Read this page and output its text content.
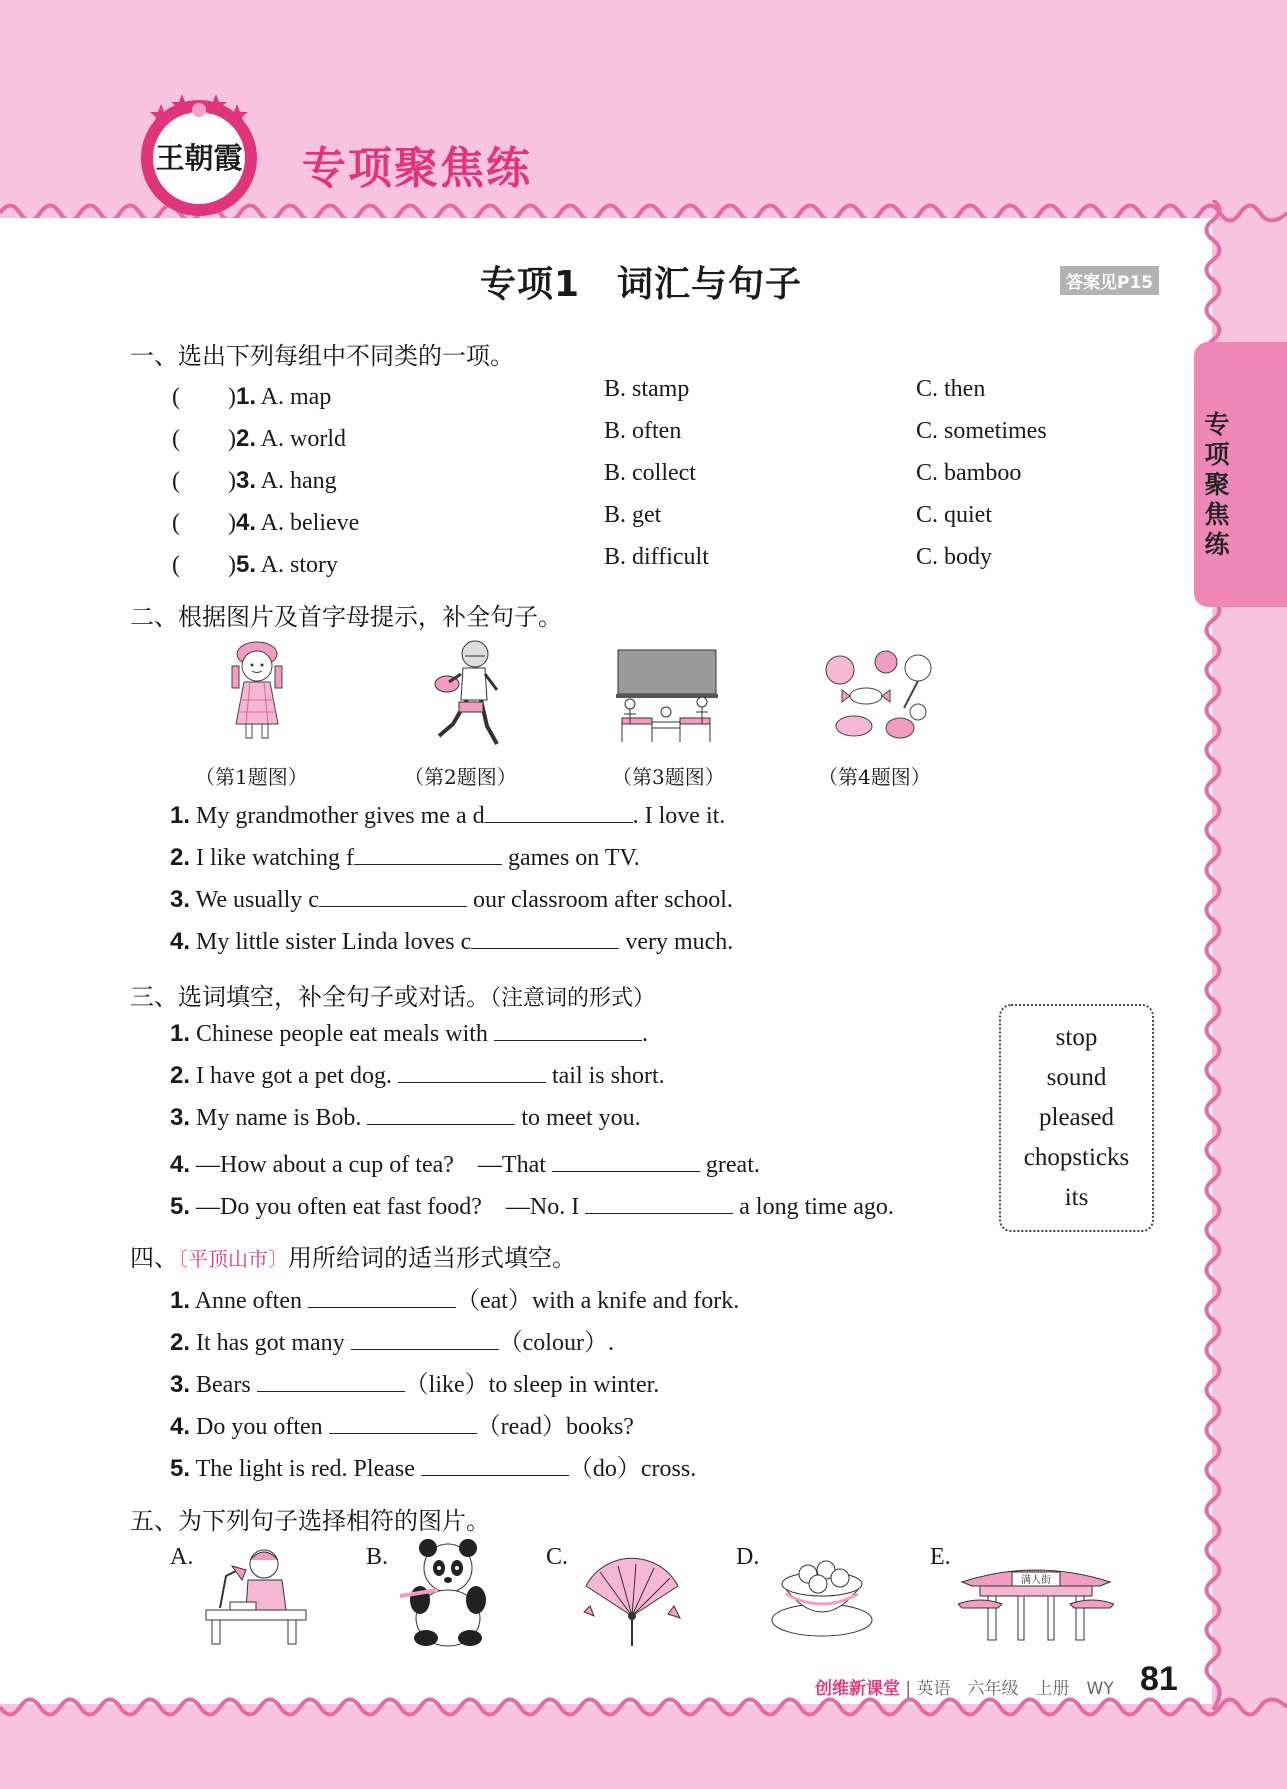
王朝霞 专项聚焦练
专
项
聚
焦
练
专项1　词汇与句子	答案见P15
一、选出下列每组中不同类的一项。
(　　)1. A. map	B. stamp	C. then
(　　)2. A. world	B. often	C. sometimes
(　　)3. A. hang	B. collect	C. bamboo
(　　)4. A. believe	B. get	C. quiet
(　　)5. A. story	B. difficult	C. body
二、根据图片及首字母提示，补全句子。
（第1题图）	（第2题图）	（第3题图）	（第4题图）
1. My grandmother gives me a d	. I love it.
2. I like watching f	games on TV.
3. We usually c	our classroom after school.
4. My little sister Linda loves c	very much.
三、选词填空，补全句子或对话。（注意词的形式）
1. Chinese people eat meals with	.
2. I have got a pet dog.	tail is short.
3. My name is Bob.	to meet you.
4. —How about a cup of tea?　—That	great.
5. —Do you often eat fast food?　—No. I	a long time ago.
stop
sound
pleased
chopsticks
its
四、〔平顶山市〕用所给词的适当形式填空。
1. Anne often	（eat）with a knife and fork.
2. It has got many	（colour）.
3. Bears	（like）to sleep in winter.
4. Do you often	（read）books?
5. The light is red. Please	（do）cross.
五、为下列句子选择相符的图片。
A.	B.	C.	D.	E.
满人街
创维新课堂 | 英语　六年级　上册　WY 81
